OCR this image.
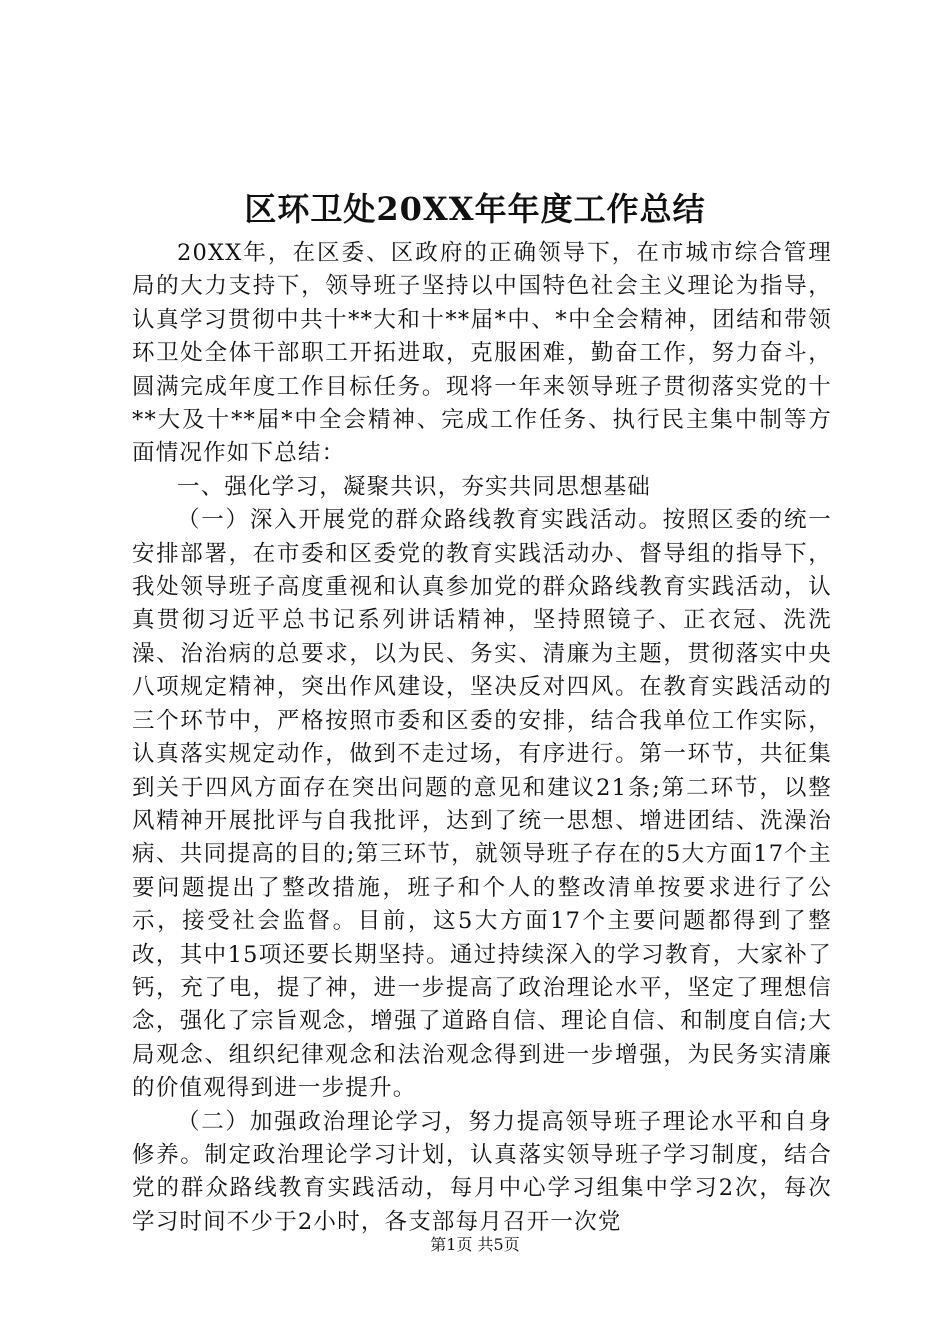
区环卫处20XX年年度工作总结

20XX年，在区委、区政府的正确领导下，在市城市综合管理局的大力支持下，领导班子坚持以中国特色社会主义理论为指导，认真学习贯彻中共十**大和十**届*中、*中全会精神，团结和带领环卫处全体干部职工开拓进取，克服困难，勤奋工作，努力奋斗，圆满完成年度工作目标任务。现将一年来领导班子贯彻落实党的十**大及十**届*中全会精神、完成工作任务、执行民主集中制等方面情况作如下总结：

一、强化学习，凝聚共识，夯实共同思想基础

（一）深入开展党的群众路线教育实践活动。按照区委的统一安排部署，在市委和区委党的教育实践活动办、督导组的指导下，我处领导班子高度重视和认真参加党的群众路线教育实践活动，认真贯彻习近平总书记系列讲话精神，坚持照镜子、正衣冠、洗洗澡、治治病的总要求，以为民、务实、清廉为主题，贯彻落实中央八项规定精神，突出作风建设，坚决反对四风。在教育实践活动的三个环节中，严格按照市委和区委的安排，结合我单位工作实际，认真落实规定动作，做到不走过场，有序进行。第一环节，共征集到关于四风方面存在突出问题的意见和建议21条;第二环节，以整风精神开展批评与自我批评，达到了统一思想、增进团结、洗澡治病、共同提高的目的;第三环节，就领导班子存在的5大方面17个主要问题提出了整改措施，班子和个人的整改清单按要求进行了公示，接受社会监督。目前，这5大方面17个主要问题都得到了整改，其中15项还要长期坚持。通过持续深入的学习教育，大家补了钙，充了电，提了神，进一步提高了政治理论水平，坚定了理想信念，强化了宗旨观念，增强了道路自信、理论自信、和制度自信;大局观念、组织纪律观念和法治观念得到进一步增强，为民务实清廉的价值观得到进一步提升。

（二）加强政治理论学习，努力提高领导班子理论水平和自身修养。制定政治理论学习计划，认真落实领导班子学习制度，结合党的群众路线教育实践活动，每月中心学习组集中学习2次，每次学习时间不少于2小时，各支部每月召开一次党

第1页 共5页
